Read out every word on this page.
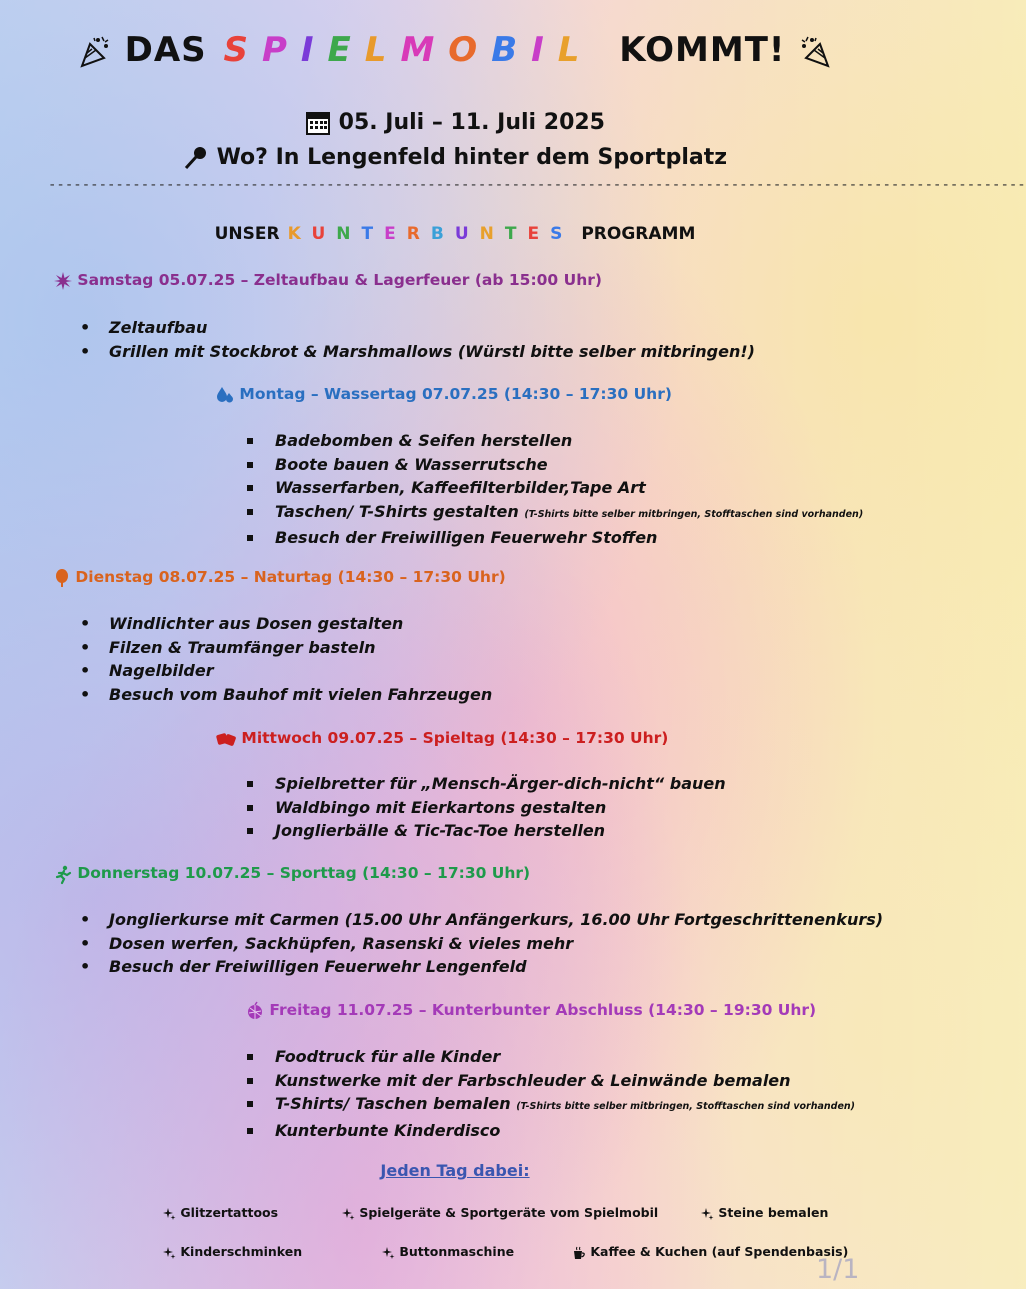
DAS SPIELMOBIL KOMMT!
05. Juli – 11. Juli 2025
Wo? In Lengenfeld hinter dem Sportplatz
--------------------------------------------------------------------------------------------------------------------
UNSER KUNTERBUNTES PROGRAMM
Samstag 05.07.25 – Zeltaufbau & Lagerfeuer (ab 15:00 Uhr)
• Zeltaufbau
• Grillen mit Stockbrot & Marshmallows (Würstl bitte selber mitbringen!)
Montag – Wassertag 07.07.25 (14:30 – 17:30 Uhr)
Badebomben & Seifen herstellen
Boote bauen & Wasserrutsche
Wasserfarben, Kaffeefilterbilder,Tape Art
Taschen/ T-Shirts gestalten (T-Shirts bitte selber mitbringen, Stofftaschen sind vorhanden)
Besuch der Freiwilligen Feuerwehr Stoffen
Dienstag 08.07.25 – Naturtag (14:30 – 17:30 Uhr)
• Windlichter aus Dosen gestalten
• Filzen & Traumfänger basteln
• Nagelbilder
• Besuch vom Bauhof mit vielen Fahrzeugen
Mittwoch 09.07.25 – Spieltag (14:30 – 17:30 Uhr)
Spielbretter für „Mensch-Ärger-dich-nicht“ bauen
Waldbingo mit Eierkartons gestalten
Jonglierbälle & Tic-Tac-Toe herstellen
Donnerstag 10.07.25 – Sporttag (14:30 – 17:30 Uhr)
• Jonglierkurse mit Carmen (15.00 Uhr Anfängerkurs, 16.00 Uhr Fortgeschrittenenkurs)
• Dosen werfen, Sackhüpfen, Rasenski & vieles mehr
• Besuch der Freiwilligen Feuerwehr Lengenfeld
Freitag 11.07.25 – Kunterbunter Abschluss (14:30 – 19:30 Uhr)
Foodtruck für alle Kinder
Kunstwerke mit der Farbschleuder & Leinwände bemalen
T-Shirts/ Taschen bemalen (T-Shirts bitte selber mitbringen, Stofftaschen sind vorhanden)
Kunterbunte Kinderdisco
Jeden Tag dabei:
Glitzertattoos	Spielgeräte & Sportgeräte vom Spielmobil	Steine bemalen
Kinderschminken	Buttonmaschine	Kaffee & Kuchen (auf Spendenbasis)
1/1
